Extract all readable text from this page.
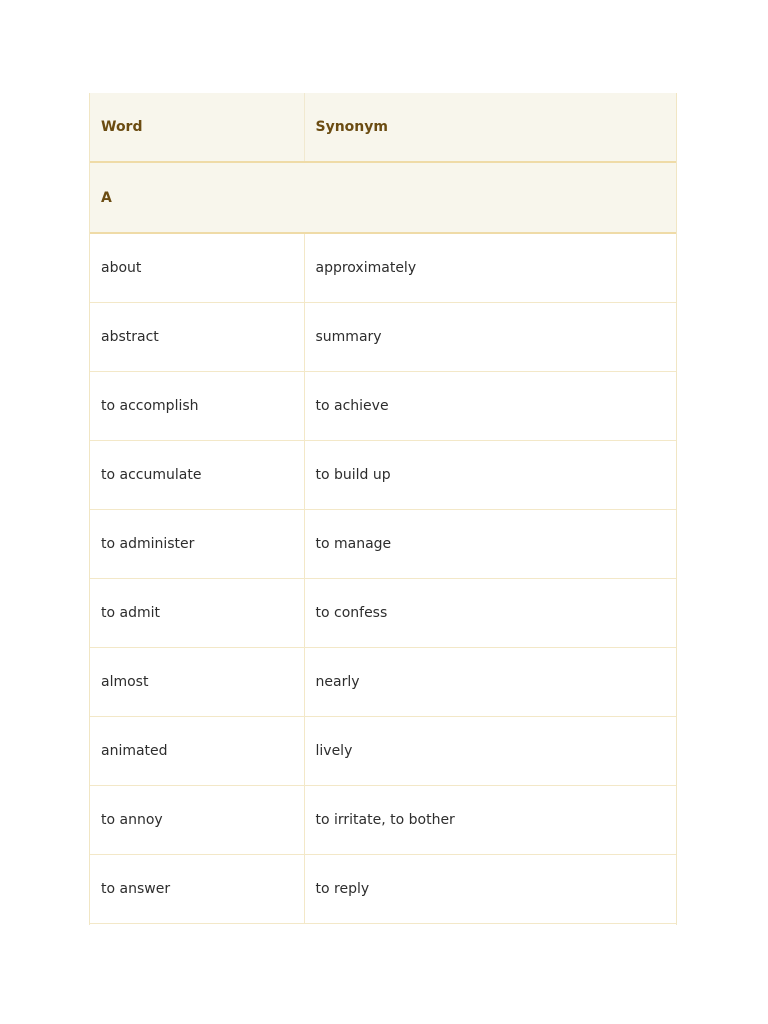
Word	Synonym
A	
about	approximately
abstract	summary
to accomplish	to achieve
to accumulate	to build up
to administer	to manage
to admit	to confess
almost	nearly
animated	lively
to annoy	to irritate, to bother
to answer	to reply
